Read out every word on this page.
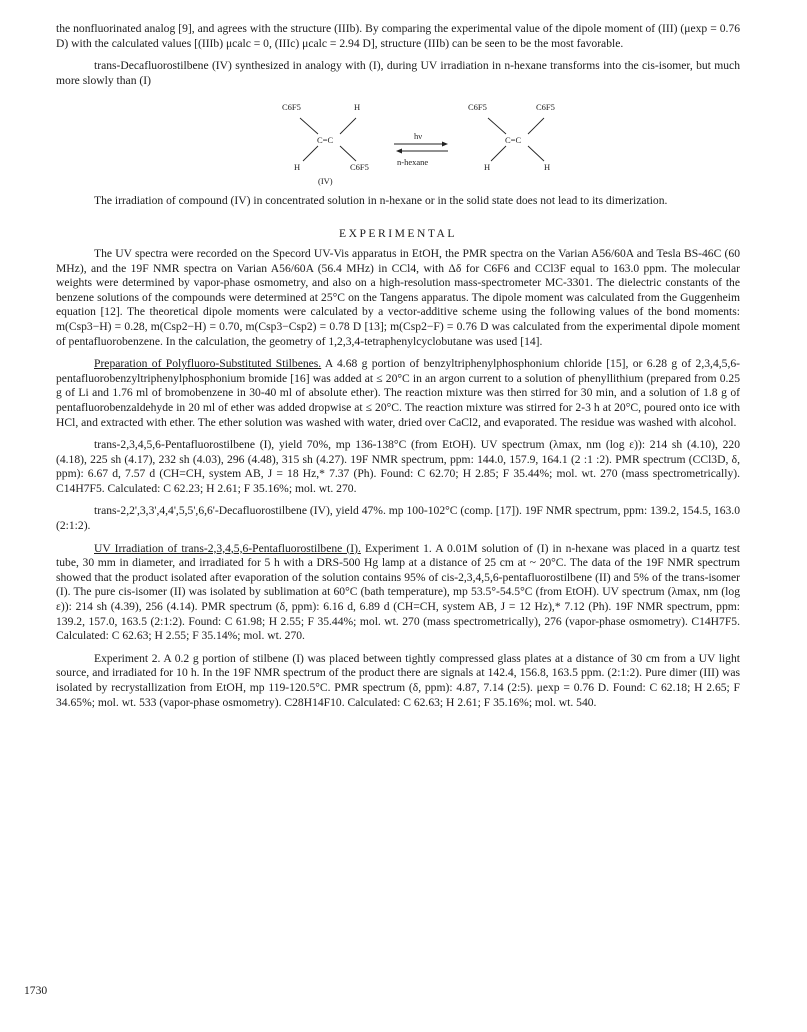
the nonfluorinated analog [9], and agrees with the structure (IIIb). By comparing the experimental value of the dipole moment of (III) (μexp = 0.76 D) with the calculated values [(IIIb) μcalc = 0, (IIIc) μcalc = 2.94 D], structure (IIIb) can be seen to be the most favorable.

trans-Decafluorostilbene (IV) synthesized in analogy with (I), during UV irradiation in n-hexane transforms into the cis-isomer, but much more slowly than (I)

C6F5	H
C=C
H	C6F5
(IV)
hν
n-hexane
C6F5	C6F5
C=C
H	H

The irradiation of compound (IV) in concentrated solution in n-hexane or in the solid state does not lead to its dimerization.

EXPERIMENTAL

The UV spectra were recorded on the Specord UV-Vis apparatus in EtOH, the PMR spectra on the Varian A56/60A and Tesla BS-46C (60 MHz), and the 19F NMR spectra on Varian A56/60A (56.4 MHz) in CCl4, with Δδ for C6F6 and CCl3F equal to 163.0 ppm. The molecular weights were determined by vapor-phase osmometry, and also on a high-resolution mass-spectrometer MC-3301. The dielectric constants of the benzene solutions of the compounds were determined at 25°C on the Tangens apparatus. The dipole moment was calculated from the Guggenheim equation [12]. The theoretical dipole moments were calculated by a vector-additive scheme using the following values of the bond moments: m(Csp3−H) = 0.28, m(Csp2−H) = 0.70, m(Csp3−Csp2) = 0.78 D [13]; m(Csp2−F) = 0.76 D was calculated from the experimental dipole moment of pentafluorobenzene. In the calculation, the geometry of 1,2,3,4-tetraphenylcyclobutane was used [14].

Preparation of Polyfluoro-Substituted Stilbenes. A 4.68 g portion of benzyltriphenylphosphonium chloride [15], or 6.28 g of 2,3,4,5,6-pentafluorobenzyltriphenylphosphonium bromide [16] was added at ≤ 20°C in an argon current to a solution of phenyllithium (prepared from 0.25 g of Li and 1.76 ml of bromobenzene in 30-40 ml of absolute ether). The reaction mixture was then stirred for 30 min, and a solution of 1.8 g of pentafluorobenzaldehyde in 20 ml of ether was added dropwise at ≤ 20°C. The reaction mixture was stirred for 2-3 h at 20°C, poured onto ice with HCl, and extracted with ether. The ether solution was washed with water, dried over CaCl2, and evaporated. The residue was washed with alcohol.

trans-2,3,4,5,6-Pentafluorostilbene (I), yield 70%, mp 136-138°C (from EtOH). UV spectrum (λmax, nm (log ε)): 214 sh (4.10), 220 (4.18), 225 sh (4.17), 232 sh (4.03), 296 (4.48), 315 sh (4.27). 19F NMR spectrum, ppm: 144.0, 157.9, 164.1 (2 :1 :2). PMR spectrum (CCl3D, δ, ppm): 6.67 d, 7.57 d (CH=CH, system AB, J = 18 Hz,* 7.37 (Ph). Found: C 62.70; H 2.85; F 35.44%; mol. wt. 270 (mass spectrometrically). C14H7F5. Calculated: C 62.23; H 2.61; F 35.16%; mol. wt. 270.

trans-2,2',3,3',4,4',5,5',6,6'-Decafluorostilbene (IV), yield 47%. mp 100-102°C (comp. [17]). 19F NMR spectrum, ppm: 139.2, 154.5, 163.0 (2:1:2).

UV Irradiation of trans-2,3,4,5,6-Pentafluorostilbene (I). Experiment 1. A 0.01M solution of (I) in n-hexane was placed in a quartz test tube, 30 mm in diameter, and irradiated for 5 h with a DRS-500 Hg lamp at a distance of 25 cm at ~ 20°C. The data of the 19F NMR spectrum showed that the product isolated after evaporation of the solution contains 95% of cis-2,3,4,5,6-pentafluorostilbene (II) and 5% of the trans-isomer (I). The pure cis-isomer (II) was isolated by sublimation at 60°C (bath temperature), mp 53.5°-54.5°C (from EtOH). UV spectrum (λmax, nm (log ε)): 214 sh (4.39), 256 (4.14). PMR spectrum (δ, ppm): 6.16 d, 6.89 d (CH=CH, system AB, J = 12 Hz),* 7.12 (Ph). 19F NMR spectrum, ppm: 139.2, 157.0, 163.5 (2:1:2). Found: C 61.98; H 2.55; F 35.44%; mol. wt. 270 (mass spectrometrically), 276 (vapor-phase osmometry). C14H7F5. Calculated: C 62.63; H 2.55; F 35.14%; mol. wt. 270.

Experiment 2. A 0.2 g portion of stilbene (I) was placed between tightly compressed glass plates at a distance of 30 cm from a UV light source, and irradiated for 10 h. In the 19F NMR spectrum of the product there are signals at 142.4, 156.8, 163.5 ppm. (2:1:2). Pure dimer (III) was isolated by recrystallization from EtOH, mp 119-120.5°C. PMR spectrum (δ, ppm): 4.87, 7.14 (2:5). μexp = 0.76 D. Found: C 62.18; H 2.65; F 34.65%; mol. wt. 533 (vapor-phase osmometry). C28H14F10. Calculated: C 62.63; H 2.61; F 35.16%; mol. wt. 540.

1730
